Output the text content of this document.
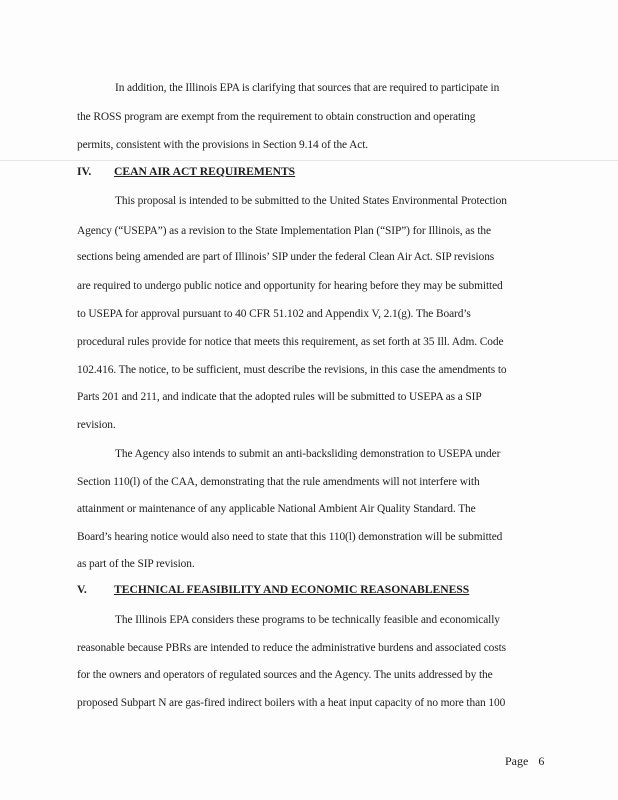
In addition, the Illinois EPA is clarifying that sources that are required to participate in
the ROSS program are exempt from the requirement to obtain construction and operating
permits, consistent with the provisions in Section 9.14 of the Act.
IV. CEAN AIR ACT REQUIREMENTS
This proposal is intended to be submitted to the United States Environmental Protection
Agency (“USEPA”) as a revision to the State Implementation Plan (“SIP”) for Illinois, as the
sections being amended are part of Illinois’ SIP under the federal Clean Air Act. SIP revisions
are required to undergo public notice and opportunity for hearing before they may be submitted
to USEPA for approval pursuant to 40 CFR 51.102 and Appendix V, 2.1(g). The Board’s
procedural rules provide for notice that meets this requirement, as set forth at 35 Ill. Adm. Code
102.416. The notice, to be sufficient, must describe the revisions, in this case the amendments to
Parts 201 and 211, and indicate that the adopted rules will be submitted to USEPA as a SIP
revision.
The Agency also intends to submit an anti-backsliding demonstration to USEPA under
Section 110(l) of the CAA, demonstrating that the rule amendments will not interfere with
attainment or maintenance of any applicable National Ambient Air Quality Standard. The
Board’s hearing notice would also need to state that this 110(l) demonstration will be submitted
as part of the SIP revision.
V. TECHNICAL FEASIBILITY AND ECONOMIC REASONABLENESS
The Illinois EPA considers these programs to be technically feasible and economically
reasonable because PBRs are intended to reduce the administrative burdens and associated costs
for the owners and operators of regulated sources and the Agency. The units addressed by the
proposed Subpart N are gas-fired indirect boilers with a heat input capacity of no more than 100
Page 6
